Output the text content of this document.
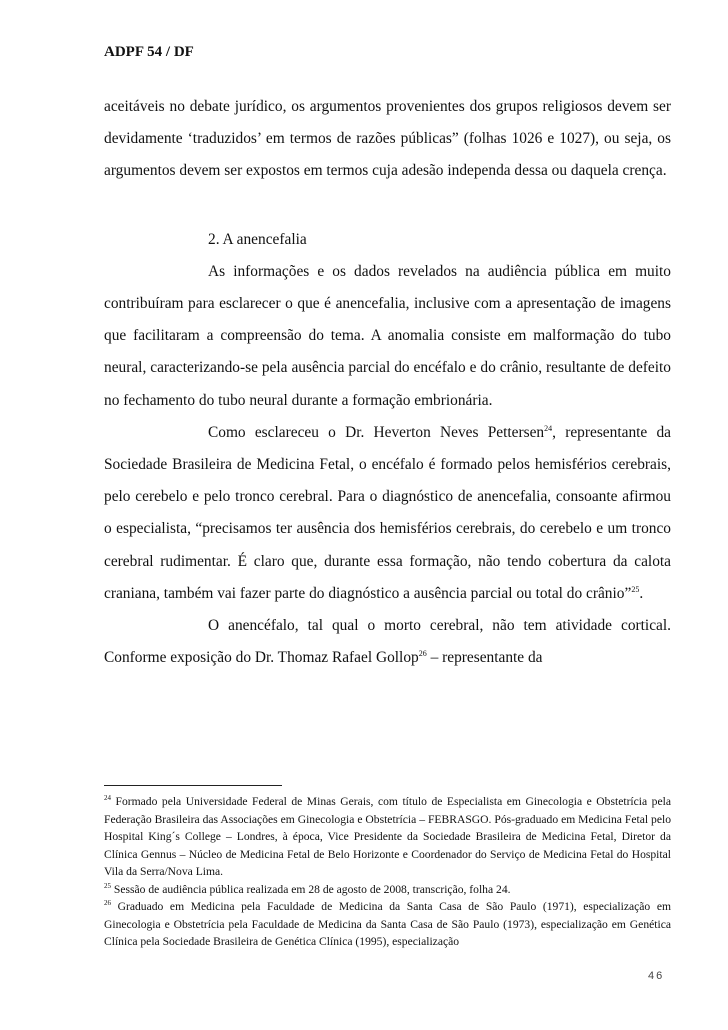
ADPF 54 / DF

aceitáveis no debate jurídico, os argumentos provenientes dos grupos religiosos devem ser devidamente ‘traduzidos’ em termos de razões públicas” (folhas 1026 e 1027), ou seja, os argumentos devem ser expostos em termos cuja adesão independa dessa ou daquela crença.

2. A anencefalia

As informações e os dados revelados na audiência pública em muito contribuíram para esclarecer o que é anencefalia, inclusive com a apresentação de imagens que facilitaram a compreensão do tema. A anomalia consiste em malformação do tubo neural, caracterizando-se pela ausência parcial do encéfalo e do crânio, resultante de defeito no fechamento do tubo neural durante a formação embrionária.

Como esclareceu o Dr. Heverton Neves Pettersen$^{24}$, representante da Sociedade Brasileira de Medicina Fetal, o encéfalo é formado pelos hemisférios cerebrais, pelo cerebelo e pelo tronco cerebral. Para o diagnóstico de anencefalia, consoante afirmou o especialista, “precisamos ter ausência dos hemisférios cerebrais, do cerebelo e um tronco cerebral rudimentar. É claro que, durante essa formação, não tendo cobertura da calota craniana, também vai fazer parte do diagnóstico a ausência parcial ou total do crânio”$^{25}$.

O anencéfalo, tal qual o morto cerebral, não tem atividade cortical. Conforme exposição do Dr. Thomaz Rafael Gollop$^{26}$ – representante da

$^{24}$ Formado pela Universidade Federal de Minas Gerais, com título de Especialista em Ginecologia e Obstetrícia pela Federação Brasileira das Associações em Ginecologia e Obstetrícia – FEBRASGO. Pós-graduado em Medicina Fetal pelo Hospital King´s College – Londres, à época, Vice Presidente da Sociedade Brasileira de Medicina Fetal, Diretor da Clínica Gennus – Núcleo de Medicina Fetal de Belo Horizonte e Coordenador do Serviço de Medicina Fetal do Hospital Vila da Serra/Nova Lima.

$^{25}$ Sessão de audiência pública realizada em 28 de agosto de 2008, transcrição, folha 24.

$^{26}$ Graduado em Medicina pela Faculdade de Medicina da Santa Casa de São Paulo (1971), especialização em Ginecologia e Obstetrícia pela Faculdade de Medicina da Santa Casa de São Paulo (1973), especialização em Genética Clínica pela Sociedade Brasileira de Genética Clínica (1995), especialização

46
